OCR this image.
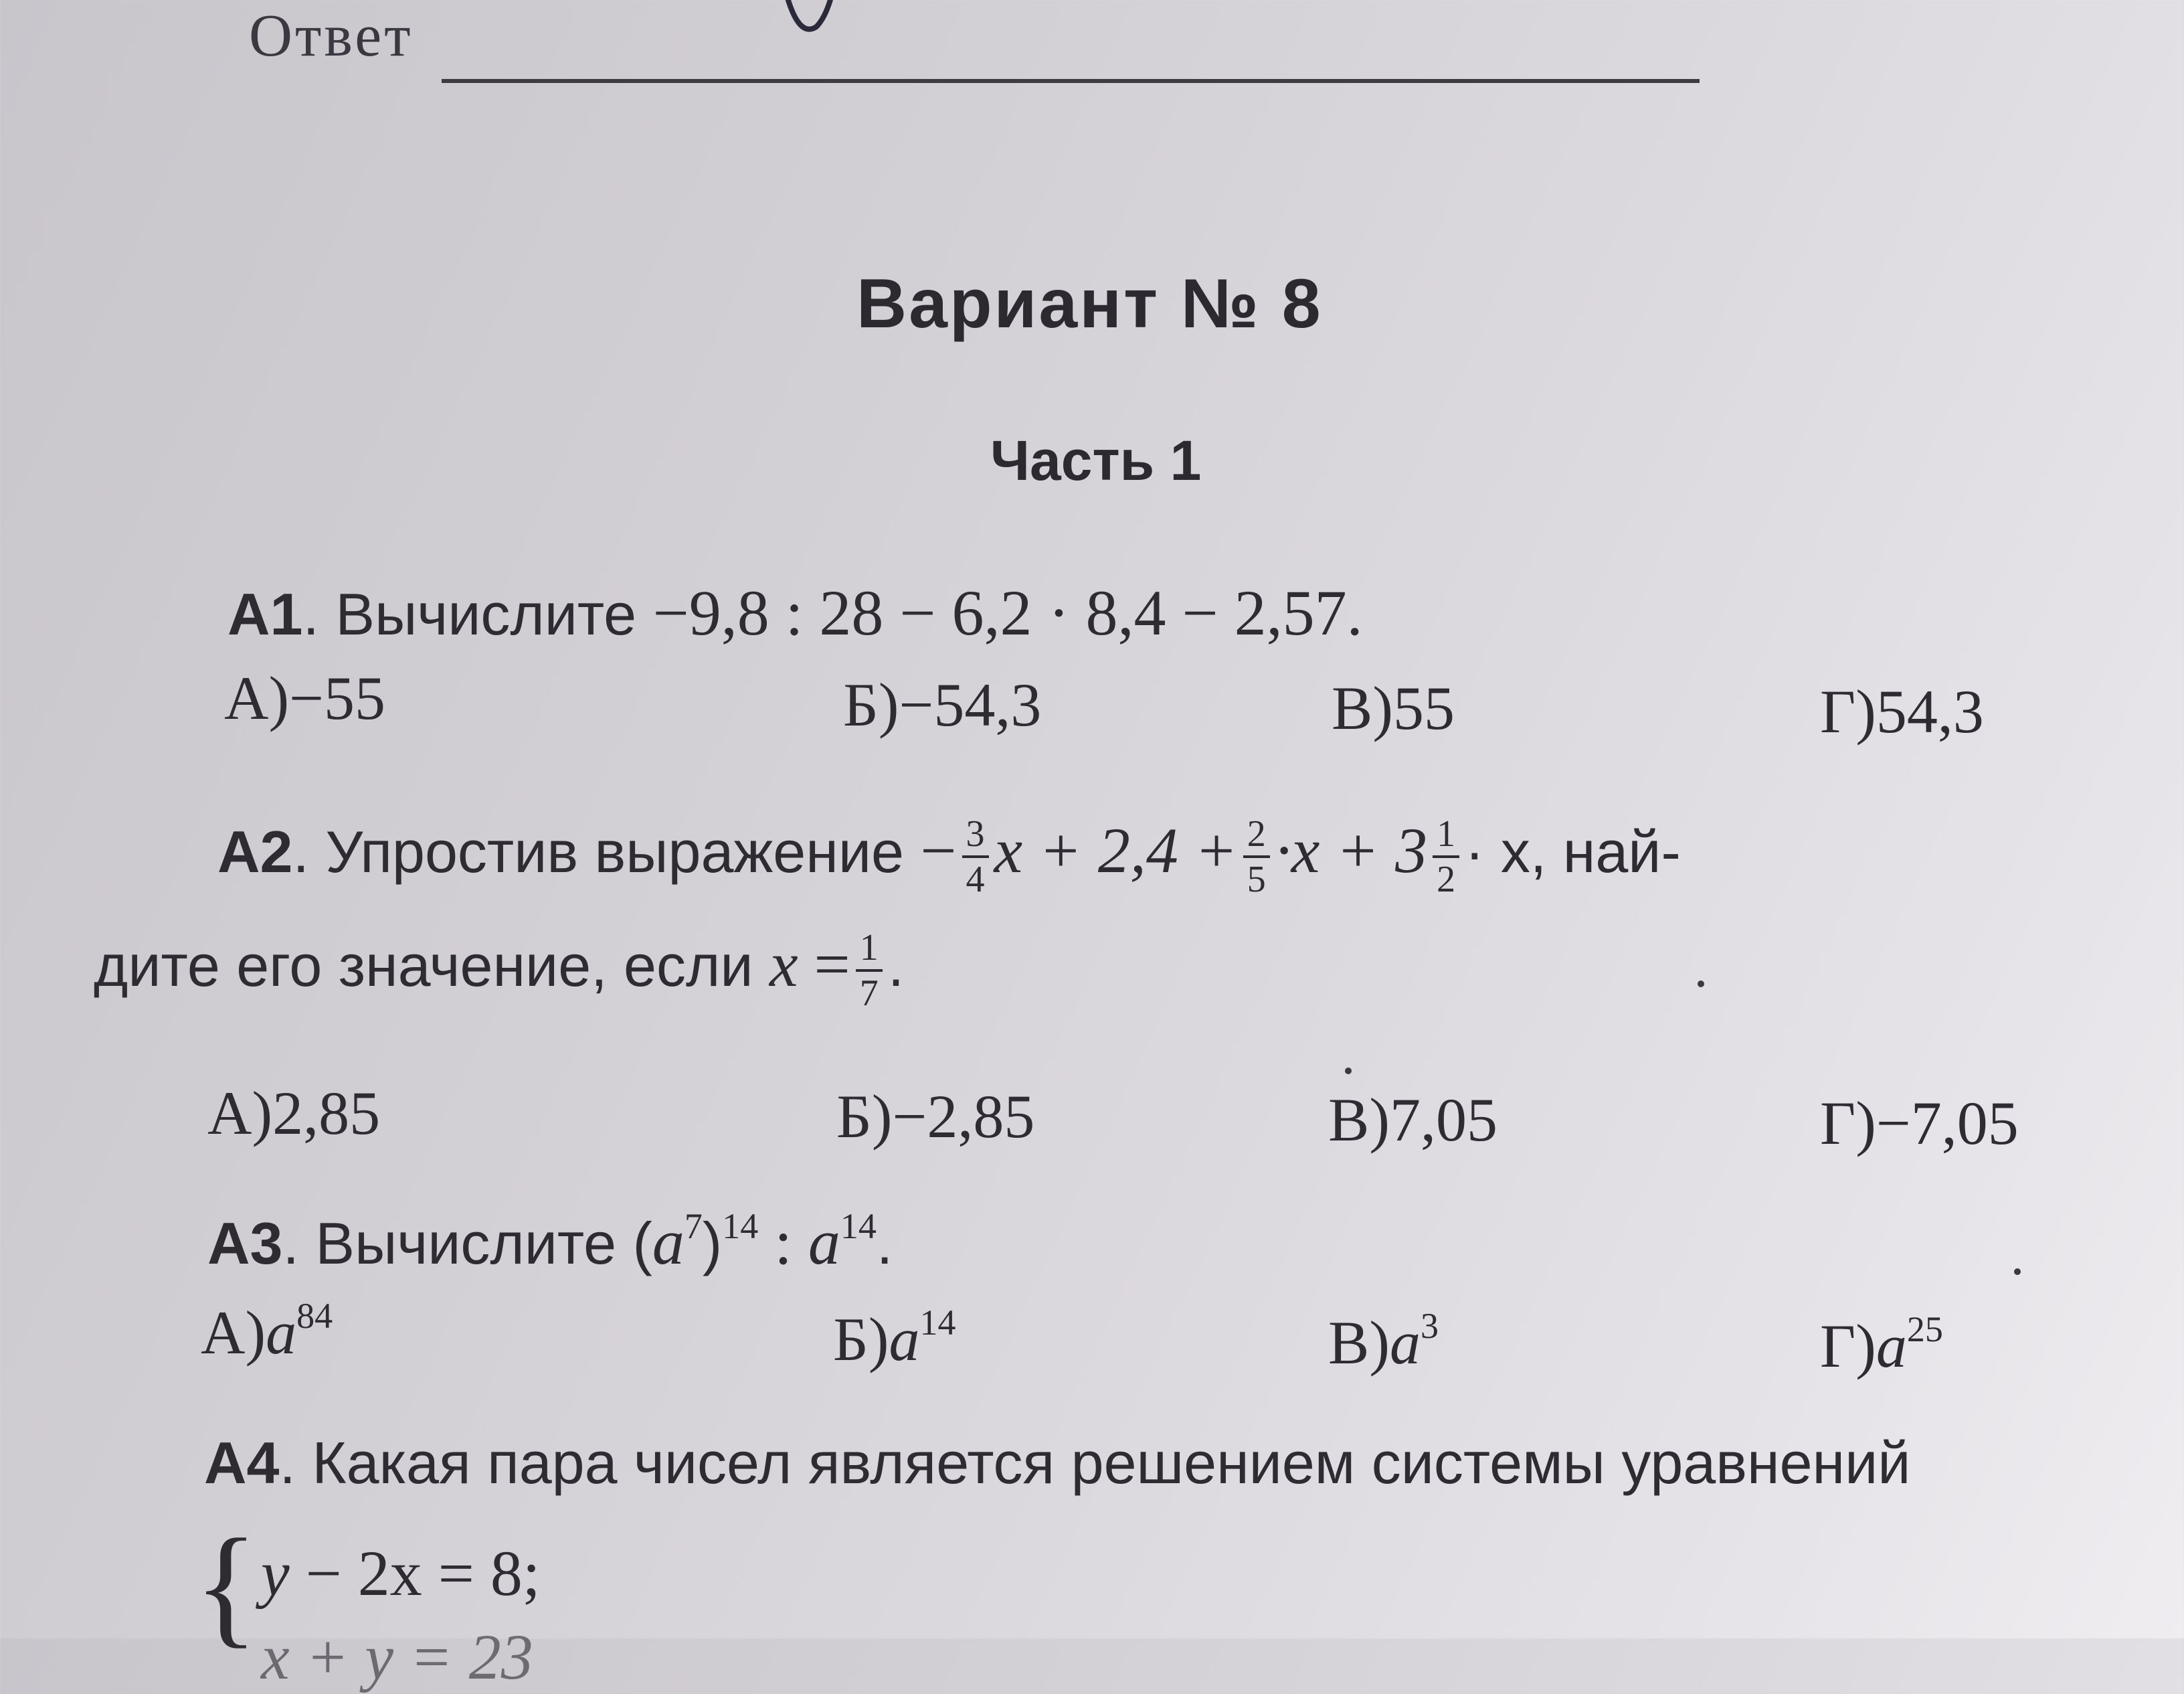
Ответ
Вариант № 8
Часть 1
А1. Вычислите −9,8 : 28 − 6,2 · 8,4 − 2,57.
А)−55	Б)−54,3	В)55	Г)54,3
А2. Упростив выражение − $\frac{3}{4}$ $x + 2,4 + \frac{2}{5} \cdot x + 3 \frac{1}{2} \cdot x$, най-
дите его значение, если $x = \frac{1}{7}$ .
А)2,85	Б)−2,85	В)7,05	Г)−7,05
А3. Вычислите $(a^7)^{14}$ : $a^{14}$.
$А)a^{84}$	$Б)a^{14}$	$В)a^3$	$Г)a^{25}$
А4. Какая пара чисел является решением системы уравнений
{ y − 2x = 8;
x + y = 23
